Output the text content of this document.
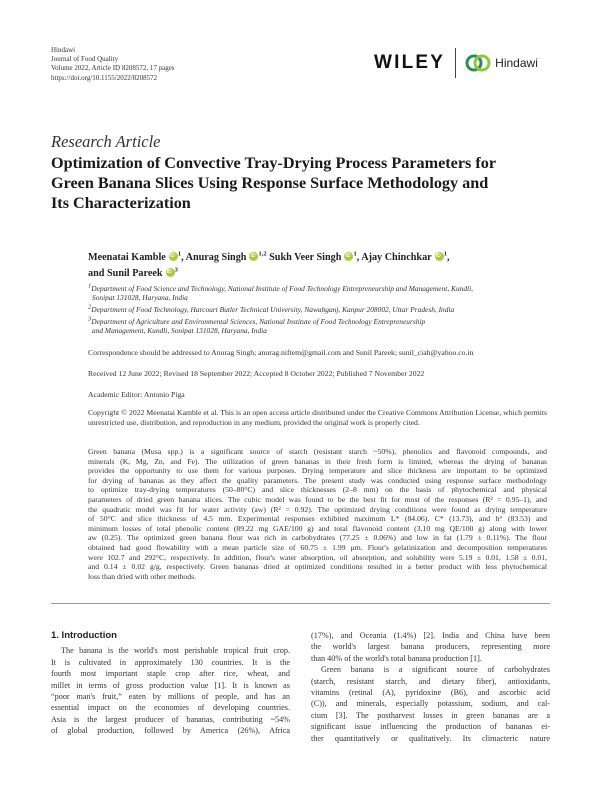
Hindawi
Journal of Food Quality
Volume 2022, Article ID 8208572, 17 pages
https://doi.org/10.1155/2022/8208572
WILEY	Hindawi
Research Article
Optimization of Convective Tray-Drying Process Parameters for
Green Banana Slices Using Response Surface Methodology and
Its Characterization
Meenatai Kamble iD $^1$, Anurag Singh iD $^{1,2}$ Sukh Veer Singh iD $^1$, Ajay Chinchkar iD $^1$,
and Sunil Pareek iD $^3$
$^1$Department of Food Science and Technology, National Institute of Food Technology Entrepreneurship and Management, Kundli,
Sonipat 131028, Haryana, India
$^2$Department of Food Technology, Harcourt Butler Technical University, Nawabganj, Kanpur 208002, Uttar Pradesh, India
$^3$Department of Agriculture and Environmental Sciences, National Institute of Food Technology Entrepreneurship
and Management, Kundli, Sonipat 131028, Haryana, India
Correspondence should be addressed to Anurag Singh; anurag.niftem@gmail.com and Sunil Pareek; sunil_ciah@yahoo.co.in
Received 12 June 2022; Revised 18 September 2022; Accepted 8 October 2022; Published 7 November 2022
Academic Editor: Antonio Piga
Copyright © 2022 Meenatai Kamble et al. This is an open access article distributed under the Creative Commons Attribution License, which permits unrestricted use, distribution, and reproduction in any medium, provided the original work is properly cited.
Green banana (Musa spp.) is a significant source of starch (resistant starch ~50%), phenolics and flavonoid compounds, and
minerals (K, Mg, Zn, and Fe). The utilization of green bananas in their fresh form is limited, whereas the drying of bananas
provides the opportunity to use them for various purposes. Drying temperature and slice thickness are important to be optimized
for drying of bananas as they affect the quality parameters. The present study was conducted using response surface methodology
to optimize tray-drying temperatures (50–80°C) and slice thicknesses (2–8 mm) on the basis of phytochemical and physical
parameters of dried green banana slices. The cubic model was found to be the best fit for most of the responses (R² = 0.95–1), and
the quadratic model was fit for water activity (aw) (R² = 0.92). The optimized drying conditions were found as drying temperature
of 50°C and slice thickness of 4.5 mm. Experimental responses exhibited maximum L* (84.06), C* (13.73), and h° (83.53) and
minimum losses of total phenolic content (89.22 mg GAE/100 g) and total flavonoid content (3.10 mg QE/100 g) along with lower
aw (0.25). The optimized green banana flour was rich in carbohydrates (77.25 ± 0.06%) and low in fat (1.79 ± 0.11%). The flour
obtained had good flowability with a mean particle size of 60.75 ± 1.99 μm. Flour's gelatinization and decomposition temperatures
were 102.7 and 292°C, respectively. In addition, flour's water absorption, oil absorption, and solubility were 5.19 ± 0.01, 1.58 ± 0.01,
and 0.14 ± 0.02 g/g, respectively. Green bananas dried at optimized conditions resulted in a better product with less phytochemical
loss than dried with other methods.
1. Introduction
The banana is the world's most perishable tropical fruit crop.
It is cultivated in approximately 130 countries. It is the
fourth most important staple crop after rice, wheat, and
millet in terms of gross production value [1]. It is known as
“poor man's fruit,” eaten by millions of people, and has an
essential impact on the economies of developing countries.
Asia is the largest producer of bananas, contributing ~54%
of global production, followed by America (26%), Africa
(17%), and Oceania (1.4%) [2]. India and China have been
the world's largest banana producers, representing more
than 40% of the world's total banana production [1].
Green banana is a significant source of carbohydrates
(starch, resistant starch, and dietary fiber), antioxidants,
vitamins (retinal (A), pyridoxine (B6), and ascorbic acid
(C)), and minerals, especially potassium, sodium, and cal-
cium [3]. The postharvest losses in green bananas are a
significant issue influencing the production of bananas ei-
ther quantitatively or qualitatively. Its climacteric nature
